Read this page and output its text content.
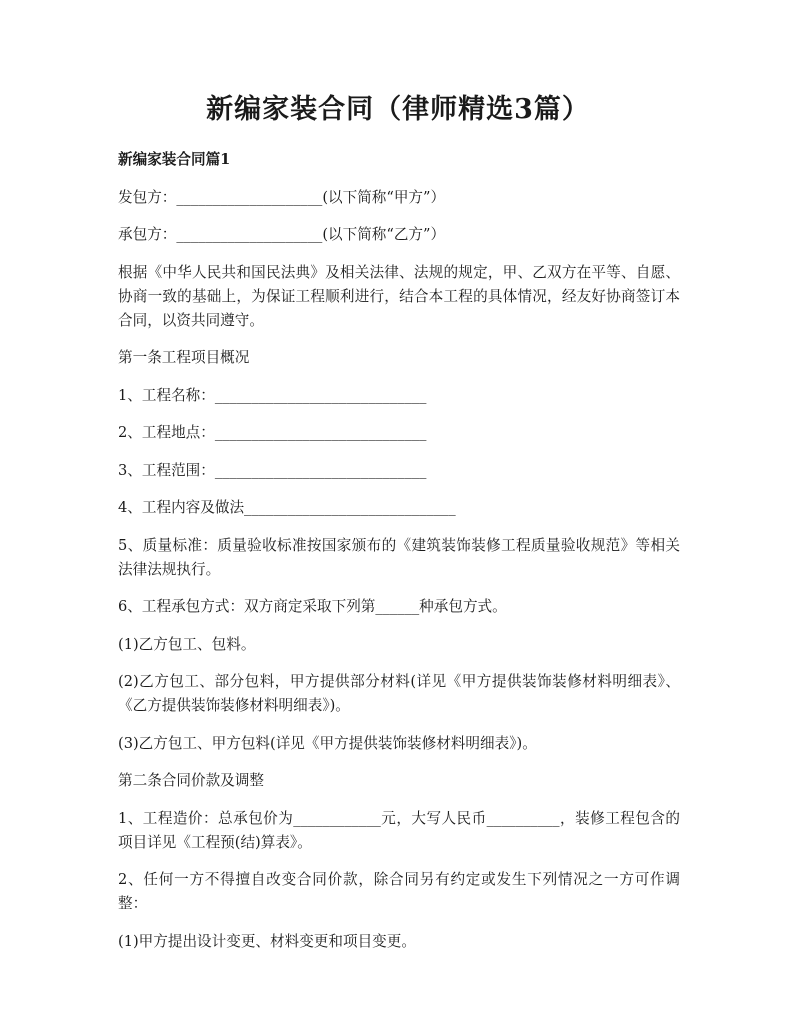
新编家装合同（律师精选3篇）

新编家装合同篇1

发包方：____________________(以下简称“甲方”）

承包方：____________________(以下简称“乙方”）

根据《中华人民共和国民法典》及相关法律、法规的规定，甲、乙双方在平等、自愿、协商一致的基础上，为保证工程顺利进行，结合本工程的具体情况，经友好协商签订本合同，以资共同遵守。

第一条工程项目概况

1、工程名称：_____________________________

2、工程地点：_____________________________

3、工程范围：_____________________________

4、工程内容及做法_____________________________

5、质量标准：质量验收标准按国家颁布的《建筑装饰装修工程质量验收规范》等相关法律法规执行。

6、工程承包方式：双方商定采取下列第______种承包方式。

(1)乙方包工、包料。

(2)乙方包工、部分包料，甲方提供部分材料(详见《甲方提供装饰装修材料明细表》、《乙方提供装饰装修材料明细表》)。

(3)乙方包工、甲方包料(详见《甲方提供装饰装修材料明细表》)。

第二条合同价款及调整

1、工程造价：总承包价为____________元，大写人民币__________，装修工程包含的项目详见《工程预(结)算表》。

2、任何一方不得擅自改变合同价款，除合同另有约定或发生下列情况之一方可作调整：

(1)甲方提出设计变更、材料变更和项目变更。
